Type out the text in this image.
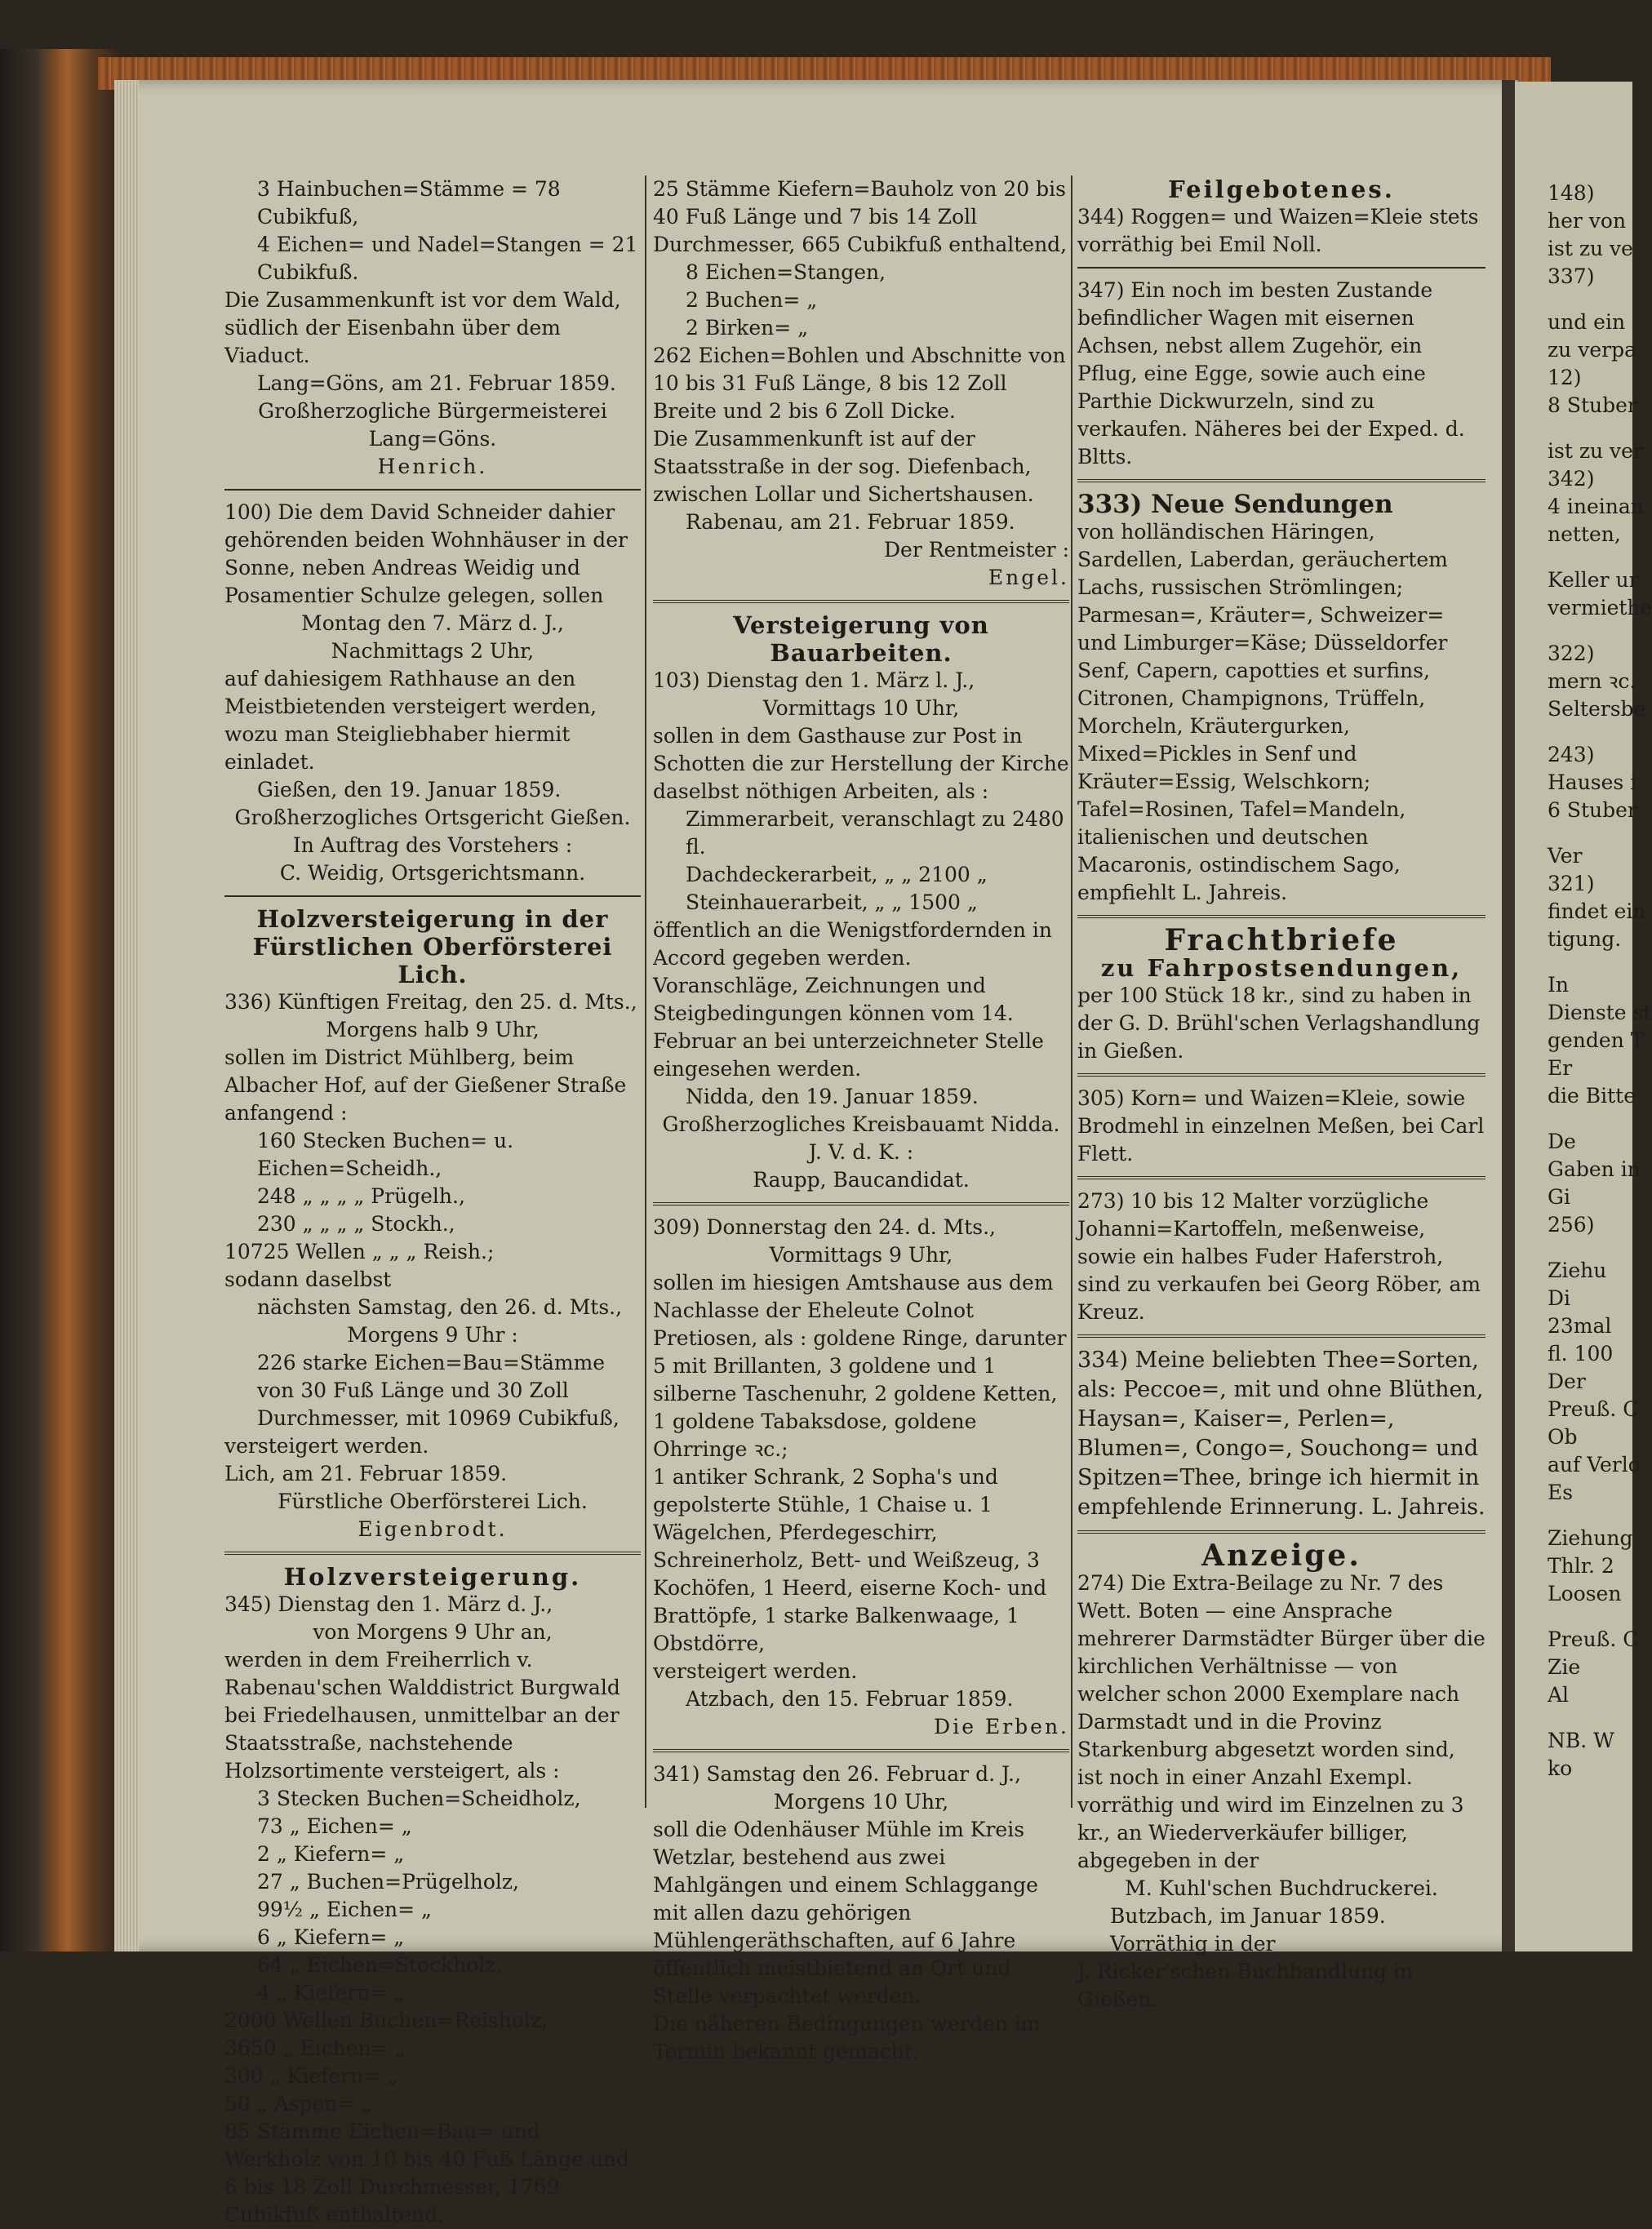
3 Hainbuchen=Stämme = 78 Cubikfuß,
4 Eichen= und Nadel=Stangen = 21 Cubikfuß.
Die Zusammenkunft ist vor dem Wald, südlich der Eisenbahn über dem Viaduct.
Lang=Göns, am 21. Februar 1859.
Großherzogliche Bürgermeisterei Lang=Göns.
Henrich.
100) Die dem David Schneider dahier gehörenden beiden Wohnhäuser in der Sonne, neben Andreas Weidig und Posamentier Schulze gelegen, sollen
Montag den 7. März d. J.,
Nachmittags 2 Uhr,
auf dahiesigem Rathhause an den Meistbietenden versteigert werden, wozu man Steigliebhaber hiermit einladet.
Gießen, den 19. Januar 1859.
Großherzogliches Ortsgericht Gießen.
In Auftrag des Vorstehers :
C. Weidig, Ortsgerichtsmann.
Holzversteigerung in der Fürstlichen Oberförsterei Lich.
336) Künftigen Freitag, den 25. d. Mts.,
Morgens halb 9 Uhr,
sollen im District Mühlberg, beim Albacher Hof, auf der Gießener Straße anfangend :
160 Stecken Buchen= u. Eichen=Scheidh.,
248 „ „ „ „ Prügelh.,
230 „ „ „ „ Stockh.,
10725 Wellen „ „ „ Reish.;
sodann daselbst
nächsten Samstag, den 26. d. Mts.,
Morgens 9 Uhr :
226 starke Eichen=Bau=Stämme von 30 Fuß Länge und 30 Zoll Durchmesser, mit 10969 Cubikfuß,
versteigert werden.
Lich, am 21. Februar 1859.
Fürstliche Oberförsterei Lich.
Eigenbrodt.
Holzversteigerung.
345) Dienstag den 1. März d. J.,
von Morgens 9 Uhr an,
werden in dem Freiherrlich v. Rabenau'schen Walddistrict Burgwald bei Friedelhausen, unmittelbar an der Staatsstraße, nachstehende Holzsortimente versteigert, als :
3 Stecken Buchen=Scheidholz,
73 „ Eichen= „
2 „ Kiefern= „
27 „ Buchen=Prügelholz,
99½ „ Eichen= „
6 „ Kiefern= „
64 „ Eichen=Stockholz,
4 „ Kiefern= „
2000 Wellen Buchen=Reisholz,
3650 „ Eichen= „
300 „ Kiefern= „
50 „ Aspen= „
85 Stämme Eichen=Bau= und Werkholz von 10 bis 40 Fuß Länge und 6 bis 18 Zoll Durchmesser, 1769 Cubikfuß enthaltend,
25 Stämme Kiefern=Bauholz von 20 bis 40 Fuß Länge und 7 bis 14 Zoll Durchmesser, 665 Cubikfuß enthaltend,
8 Eichen=Stangen,
2 Buchen= „
2 Birken= „
262 Eichen=Bohlen und Abschnitte von 10 bis 31 Fuß Länge, 8 bis 12 Zoll Breite und 2 bis 6 Zoll Dicke.
Die Zusammenkunft ist auf der Staatsstraße in der sog. Diefenbach, zwischen Lollar und Sichertshausen.
Rabenau, am 21. Februar 1859.
Der Rentmeister :
Engel.
Versteigerung von Bauarbeiten.
103) Dienstag den 1. März l. J.,
Vormittags 10 Uhr,
sollen in dem Gasthause zur Post in Schotten die zur Herstellung der Kirche daselbst nöthigen Arbeiten, als :
Zimmerarbeit, veranschlagt zu 2480 fl.
Dachdeckerarbeit, „ „ 2100 „
Steinhauerarbeit, „ „ 1500 „
öffentlich an die Wenigstfordernden in Accord gegeben werden.
Voranschläge, Zeichnungen und Steigbedingungen können vom 14. Februar an bei unterzeichneter Stelle eingesehen werden.
Nidda, den 19. Januar 1859.
Großherzogliches Kreisbauamt Nidda.
J. V. d. K. :
Raupp, Baucandidat.
309) Donnerstag den 24. d. Mts.,
Vormittags 9 Uhr,
sollen im hiesigen Amtshause aus dem Nachlasse der Eheleute Colnot Pretiosen, als : goldene Ringe, darunter 5 mit Brillanten, 3 goldene und 1 silberne Taschenuhr, 2 goldene Ketten, 1 goldene Tabaksdose, goldene Ohrringe ꝛc.;
1 antiker Schrank, 2 Sopha's und gepolsterte Stühle, 1 Chaise u. 1 Wägelchen, Pferdegeschirr, Schreinerholz, Bett- und Weißzeug, 3 Kochöfen, 1 Heerd, eiserne Koch- und Brattöpfe, 1 starke Balkenwaage, 1 Obstdörre,
versteigert werden.
Atzbach, den 15. Februar 1859.
Die Erben.
341) Samstag den 26. Februar d. J.,
Morgens 10 Uhr,
soll die Odenhäuser Mühle im Kreis Wetzlar, bestehend aus zwei Mahlgängen und einem Schlaggange mit allen dazu gehörigen Mühlengeräthschaften, auf 6 Jahre öffentlich meistbietend an Ort und Stelle verpachtet werden.
Die näheren Bedingungen werden im Termin bekannt gemacht.
Feilgebotenes.
344) Roggen= und Waizen=Kleie stets vorräthig bei Emil Noll.
347) Ein noch im besten Zustande befindlicher Wagen mit eisernen Achsen, nebst allem Zugehör, ein Pflug, eine Egge, sowie auch eine Parthie Dickwurzeln, sind zu verkaufen. Näheres bei der Exped. d. Bltts.
333) Neue Sendungen
von holländischen Häringen, Sardellen, Laberdan, geräuchertem Lachs, russischen Strömlingen; Parmesan=, Kräuter=, Schweizer= und Limburger=Käse; Düsseldorfer Senf, Capern, capotties et surfins, Citronen, Champignons, Trüffeln, Morcheln, Kräutergurken, Mixed=Pickles in Senf und Kräuter=Essig, Welschkorn; Tafel=Rosinen, Tafel=Mandeln, italienischen und deutschen Macaronis, ostindischem Sago, empfiehlt L. Jahreis.
Frachtbriefe
zu Fahrpostsendungen,
per 100 Stück 18 kr., sind zu haben in der G. D. Brühl'schen Verlagshandlung in Gießen.
305) Korn= und Waizen=Kleie, sowie Brodmehl in einzelnen Meßen, bei Carl Flett.
273) 10 bis 12 Malter vorzügliche Johanni=Kartoffeln, meßenweise, sowie ein halbes Fuder Haferstroh, sind zu verkaufen bei Georg Röber, am Kreuz.
334) Meine beliebten Thee=Sorten, als: Peccoe=, mit und ohne Blüthen, Haysan=, Kaiser=, Perlen=, Blumen=, Congo=, Souchong= und Spitzen=Thee, bringe ich hiermit in empfehlende Erinnerung. L. Jahreis.
Anzeige.
274) Die Extra-Beilage zu Nr. 7 des Wett. Boten — eine Ansprache mehrerer Darmstädter Bürger über die kirchlichen Verhältnisse — von welcher schon 2000 Exemplare nach Darmstadt und in die Provinz Starkenburg abgesetzt worden sind, ist noch in einer Anzahl Exempl. vorräthig und wird im Einzelnen zu 3 kr., an Wiederverkäufer billiger, abgegeben in der
M. Kuhl'schen Buchdruckerei.
Butzbach, im Januar 1859.
Vorräthig in der
J. Ricker'schen Buchhandlung in Gießen.
148)
her von
ist zu ve
337)
und ein
zu verpa
12)
8 Stuber
ist zu ver
342)
4 ineinan
netten,
Keller ur
vermiethe
322)
mern ꝛc.
Seltersbe
243)
Hauses i
6 Stuber
Ver
321)
findet ein
tigung.
In
Dienste st
genden T
Er
die Bitte
De
Gaben in
Gi
256)
Ziehu
Di
23mal
fl. 100
Der
Preuß. C
Ob
auf Verlo
Es
Ziehung
Thlr. 2
Loosen
Preuß. C
Zie
Al
NB. W
ko
